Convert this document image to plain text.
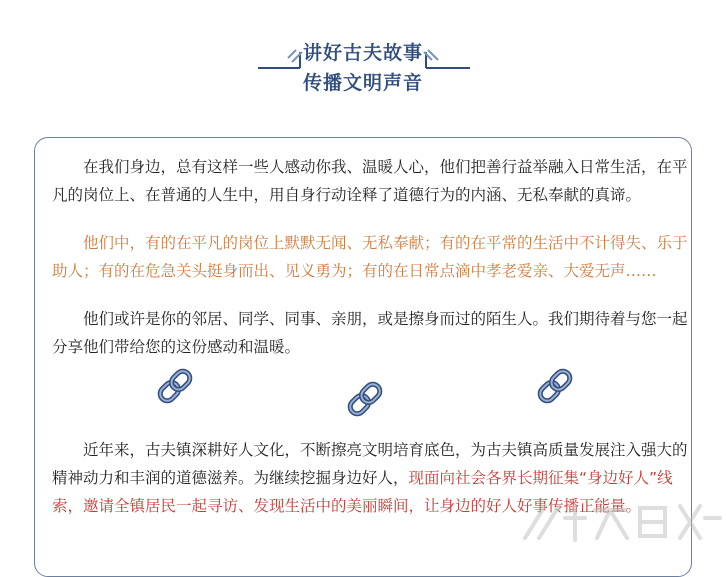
讲好古夫故事
传播文明声音

在我们身边，总有这样一些人感动你我、温暖人心，他们把善行益举融入日常生活，在平凡的岗位上、在普通的人生中，用自身行动诠释了道德行为的内涵、无私奉献的真谛。

他们中，有的在平凡的岗位上默默无闻、无私奉献；有的在平常的生活中不计得失、乐于助人；有的在危急关头挺身而出、见义勇为；有的在日常点滴中孝老爱亲、大爱无声……

他们或许是你的邻居、同学、同事、亲朋，或是擦身而过的陌生人。我们期待着与您一起分享他们带给您的这份感动和温暖。

近年来，古夫镇深耕好人文化，不断擦亮文明培育底色，为古夫镇高质量发展注入强大的精神动力和丰润的道德滋养。为继续挖掘身边好人，现面向社会各界长期征集“身边好人”线索，邀请全镇居民一起寻访、发现生活中的美丽瞬间，让身边的好人好事传播正能量。
